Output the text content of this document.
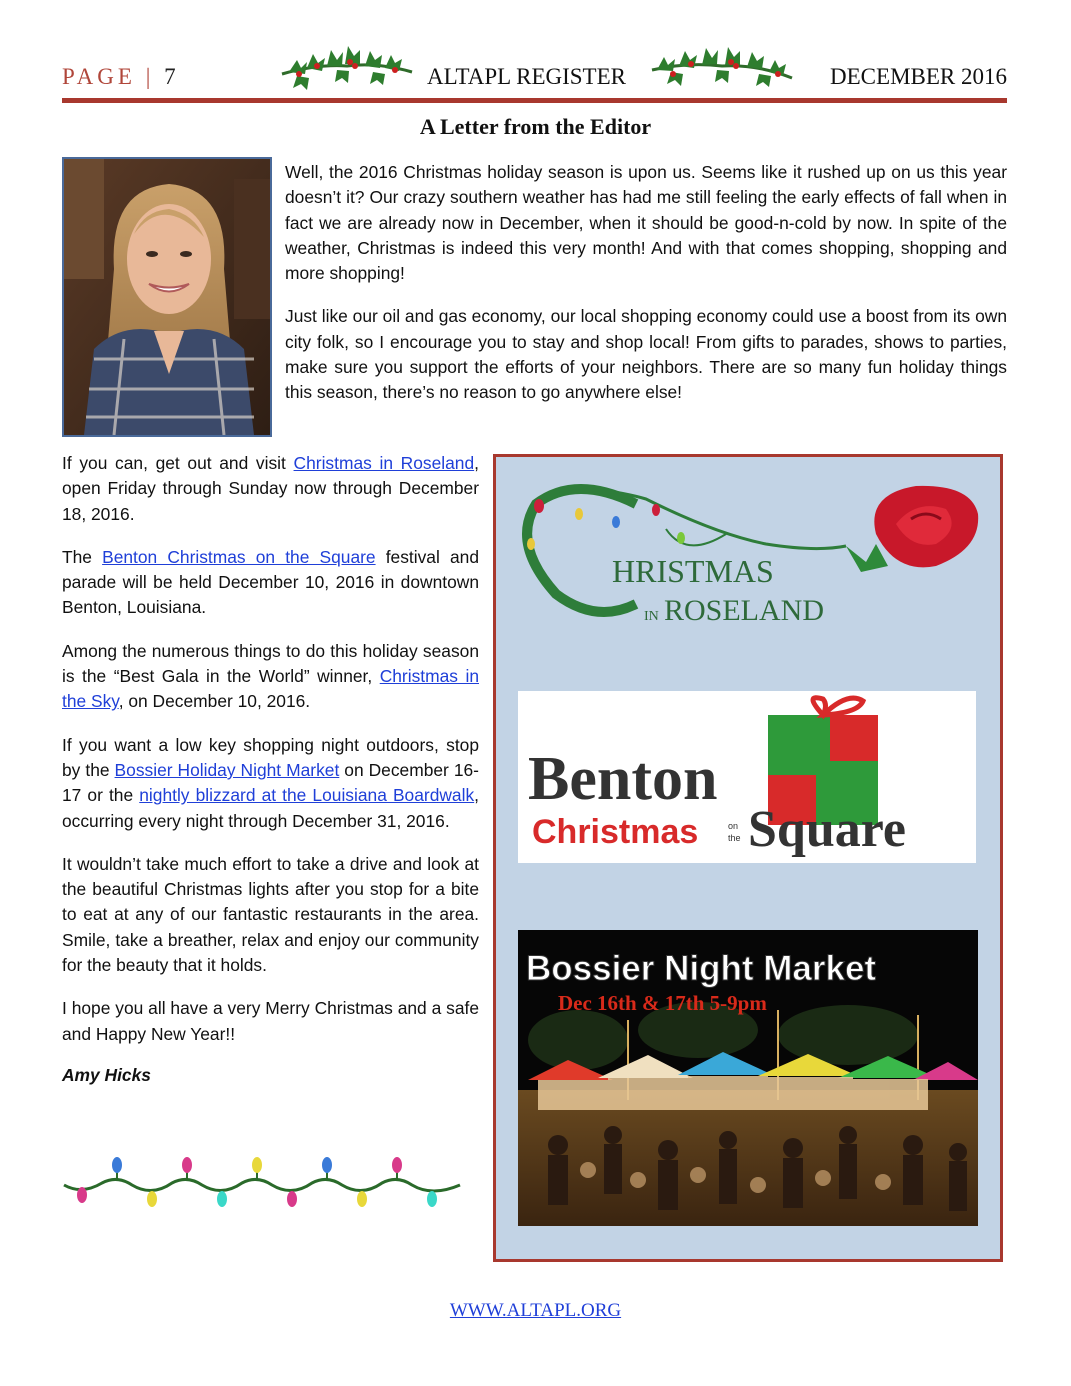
PAGE | 7	ALTAPL REGISTER	DECEMBER 2016
A Letter from the Editor

Well, the 2016 Christmas holiday season is upon us. Seems like it rushed up on us this year doesn’t it? Our crazy southern weather has had me still feeling the early effects of fall when in fact we are already now in December, when it should be good-n-cold by now. In spite of the weather, Christmas is indeed this very month! And with that comes shopping, shopping and more shopping!

Just like our oil and gas economy, our local shopping economy could use a boost from its own city folk, so I encourage you to stay and shop local! From gifts to parades, shows to parties, make sure you support the efforts of your neighbors. There are so many fun holiday things this season, there’s no reason to go anywhere else!

If you can, get out and visit Christmas in Roseland, open Friday through Sunday now through December 18, 2016.

The Benton Christmas on the Square festival and parade will be held December 10, 2016 in downtown Benton, Louisiana.

Among the numerous things to do this holiday season is the “Best Gala in the World” winner, Christmas in the Sky, on December 10, 2016.

If you want a low key shopping night outdoors, stop by the Bossier Holiday Night Market on December 16-17 or the nightly blizzard at the Louisiana Boardwalk, occurring every night through December 31, 2016.

It wouldn’t take much effort to take a drive and look at the beautiful Christmas lights after you stop for a bite to eat at any of our fantastic restaurants in the area. Smile, take a breather, relax and enjoy our community for the beauty that it holds.

I hope you all have a very Merry Christmas and a safe and Happy New Year!!

Amy Hicks

HRISTMAS
IN ROSELAND
Benton
Christmas	on
the Square
Bossier Night Market
Dec 16th & 17th 5-9pm
WWW.ALTAPL.ORG
